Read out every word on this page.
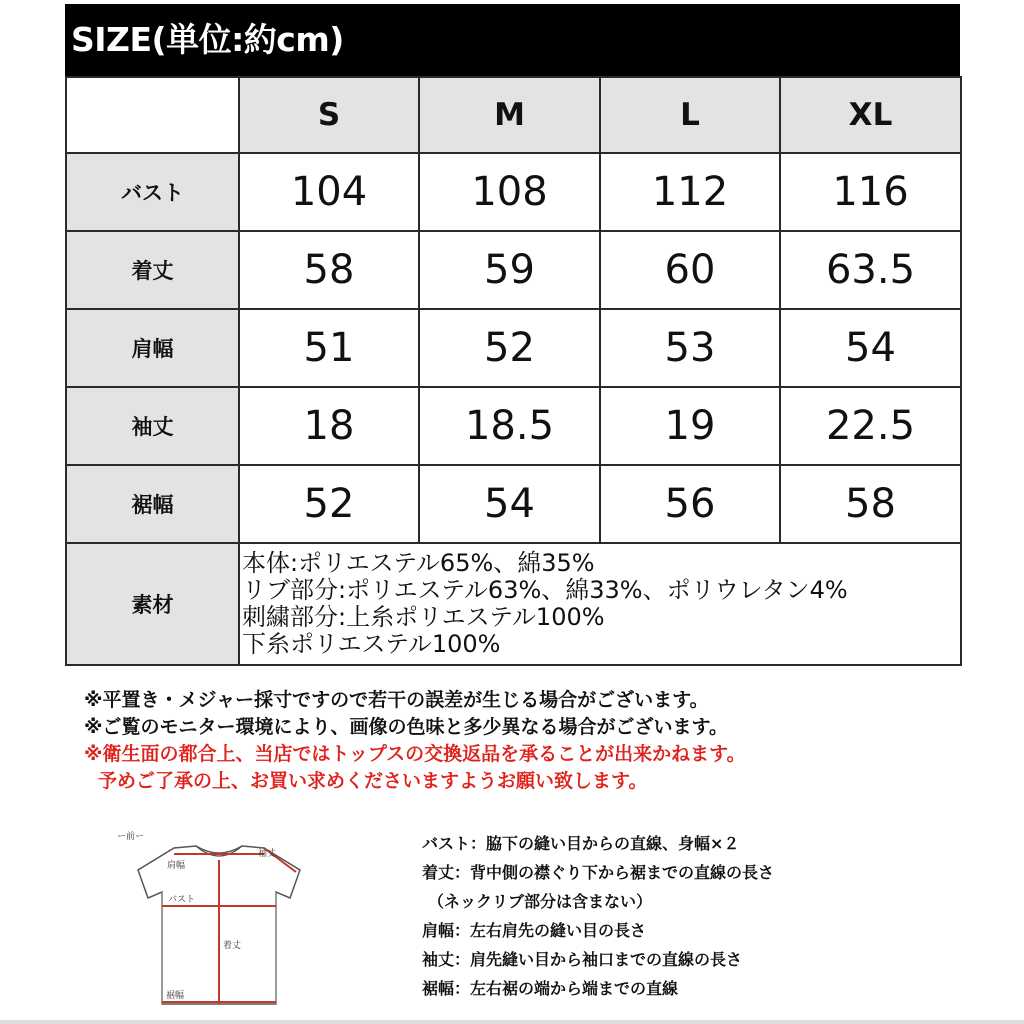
SIZE(単位:約cm)
	S	M	L	XL
バスト	104	108	112	116
着丈	58	59	60	63.5
肩幅	51	52	53	54
袖丈	18	18.5	19	22.5
裾幅	52	54	56	58
素材	本体:ポリエステル65%、綿35%
リブ部分:ポリエステル63%、綿33%、ポリウレタン4%
刺繍部分:上糸ポリエステル100%
下糸ポリエステル100%			
※平置き・メジャー採寸ですので若干の誤差が生じる場合がございます。
※ご覧のモニター環境により、画像の色味と多少異なる場合がございます。
※衛生面の都合上、当店ではトップスの交換返品を承ることが出来かねます。
予めご了承の上、お買い求めくださいますようお願い致します。
ー前ー
肩幅
袖丈
バスト
着丈
裾幅
バスト：脇下の縫い目からの直線、身幅×２
着丈：背中側の襟ぐり下から裾までの直線の長さ
（ネックリブ部分は含まない）
肩幅：左右肩先の縫い目の長さ
袖丈：肩先縫い目から袖口までの直線の長さ
裾幅：左右裾の端から端までの直線
